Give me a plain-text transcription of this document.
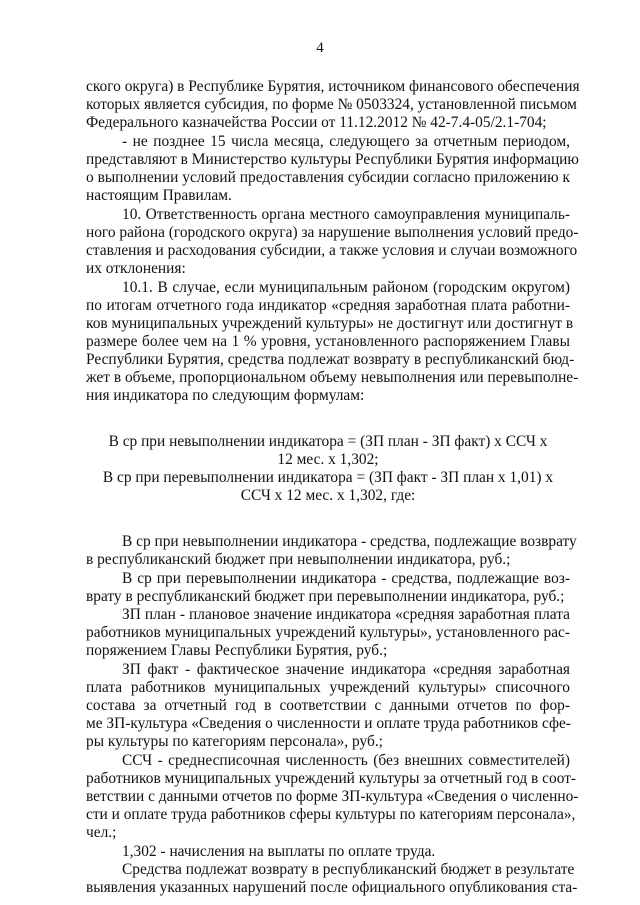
4
ского округа) в Республике Бурятия, источником финансового обеспечения
которых является субсидия, по форме № 0503324, установленной письмом
Федерального казначейства России от 11.12.2012 № 42-7.4-05/2.1-704;
- не позднее 15 числа месяца, следующего за отчетным периодом,
представляют в Министерство культуры Республики Бурятия информацию
о выполнении условий предоставления субсидии согласно приложению к
настоящим Правилам.
10. Ответственность органа местного самоуправления муниципаль-
ного района (городского округа) за нарушение выполнения условий предо-
ставления и расходования субсидии, а также условия и случаи возможного
их отклонения:
10.1. В случае, если муниципальным районом (городским округом)
по итогам отчетного года индикатор «средняя заработная плата работни-
ков муниципальных учреждений культуры» не достигнут или достигнут в
размере более чем на 1 % уровня, установленного распоряжением Главы
Республики Бурятия, средства подлежат возврату в республиканский бюд-
жет в объеме, пропорциональном объему невыполнения или перевыполне-
ния индикатора по следующим формулам:
В ср при невыполнении индикатора = (ЗП план - ЗП факт) х ССЧ х
12 мес. х 1,302;
В ср при перевыполнении индикатора = (ЗП факт - ЗП план х 1,01) х
ССЧ х 12 мес. х 1,302, где:
В ср при невыполнении индикатора - средства, подлежащие возврату
в республиканский бюджет при невыполнении индикатора, руб.;
В ср при перевыполнении индикатора - средства, подлежащие воз-
врату в республиканский бюджет при перевыполнении индикатора, руб.;
ЗП план - плановое значение индикатора «средняя заработная плата
работников муниципальных учреждений культуры», установленного рас-
поряжением Главы Республики Бурятия, руб.;
ЗП факт - фактическое значение индикатора «средняя заработная
плата работников муниципальных учреждений культуры» списочного
состава за отчетный год в соответствии с данными отчетов по фор-
ме ЗП-культура «Сведения о численности и оплате труда работников сфе-
ры культуры по категориям персонала», руб.;
ССЧ - среднесписочная численность (без внешних совместителей)
работников муниципальных учреждений культуры за отчетный год в соот-
ветствии с данными отчетов по форме ЗП-культура «Сведения о численно-
сти и оплате труда работников сферы культуры по категориям персонала»,
чел.;
1,302 - начисления на выплаты по оплате труда.
Средства подлежат возврату в республиканский бюджет в результате
выявления указанных нарушений после официального опубликования ста-
